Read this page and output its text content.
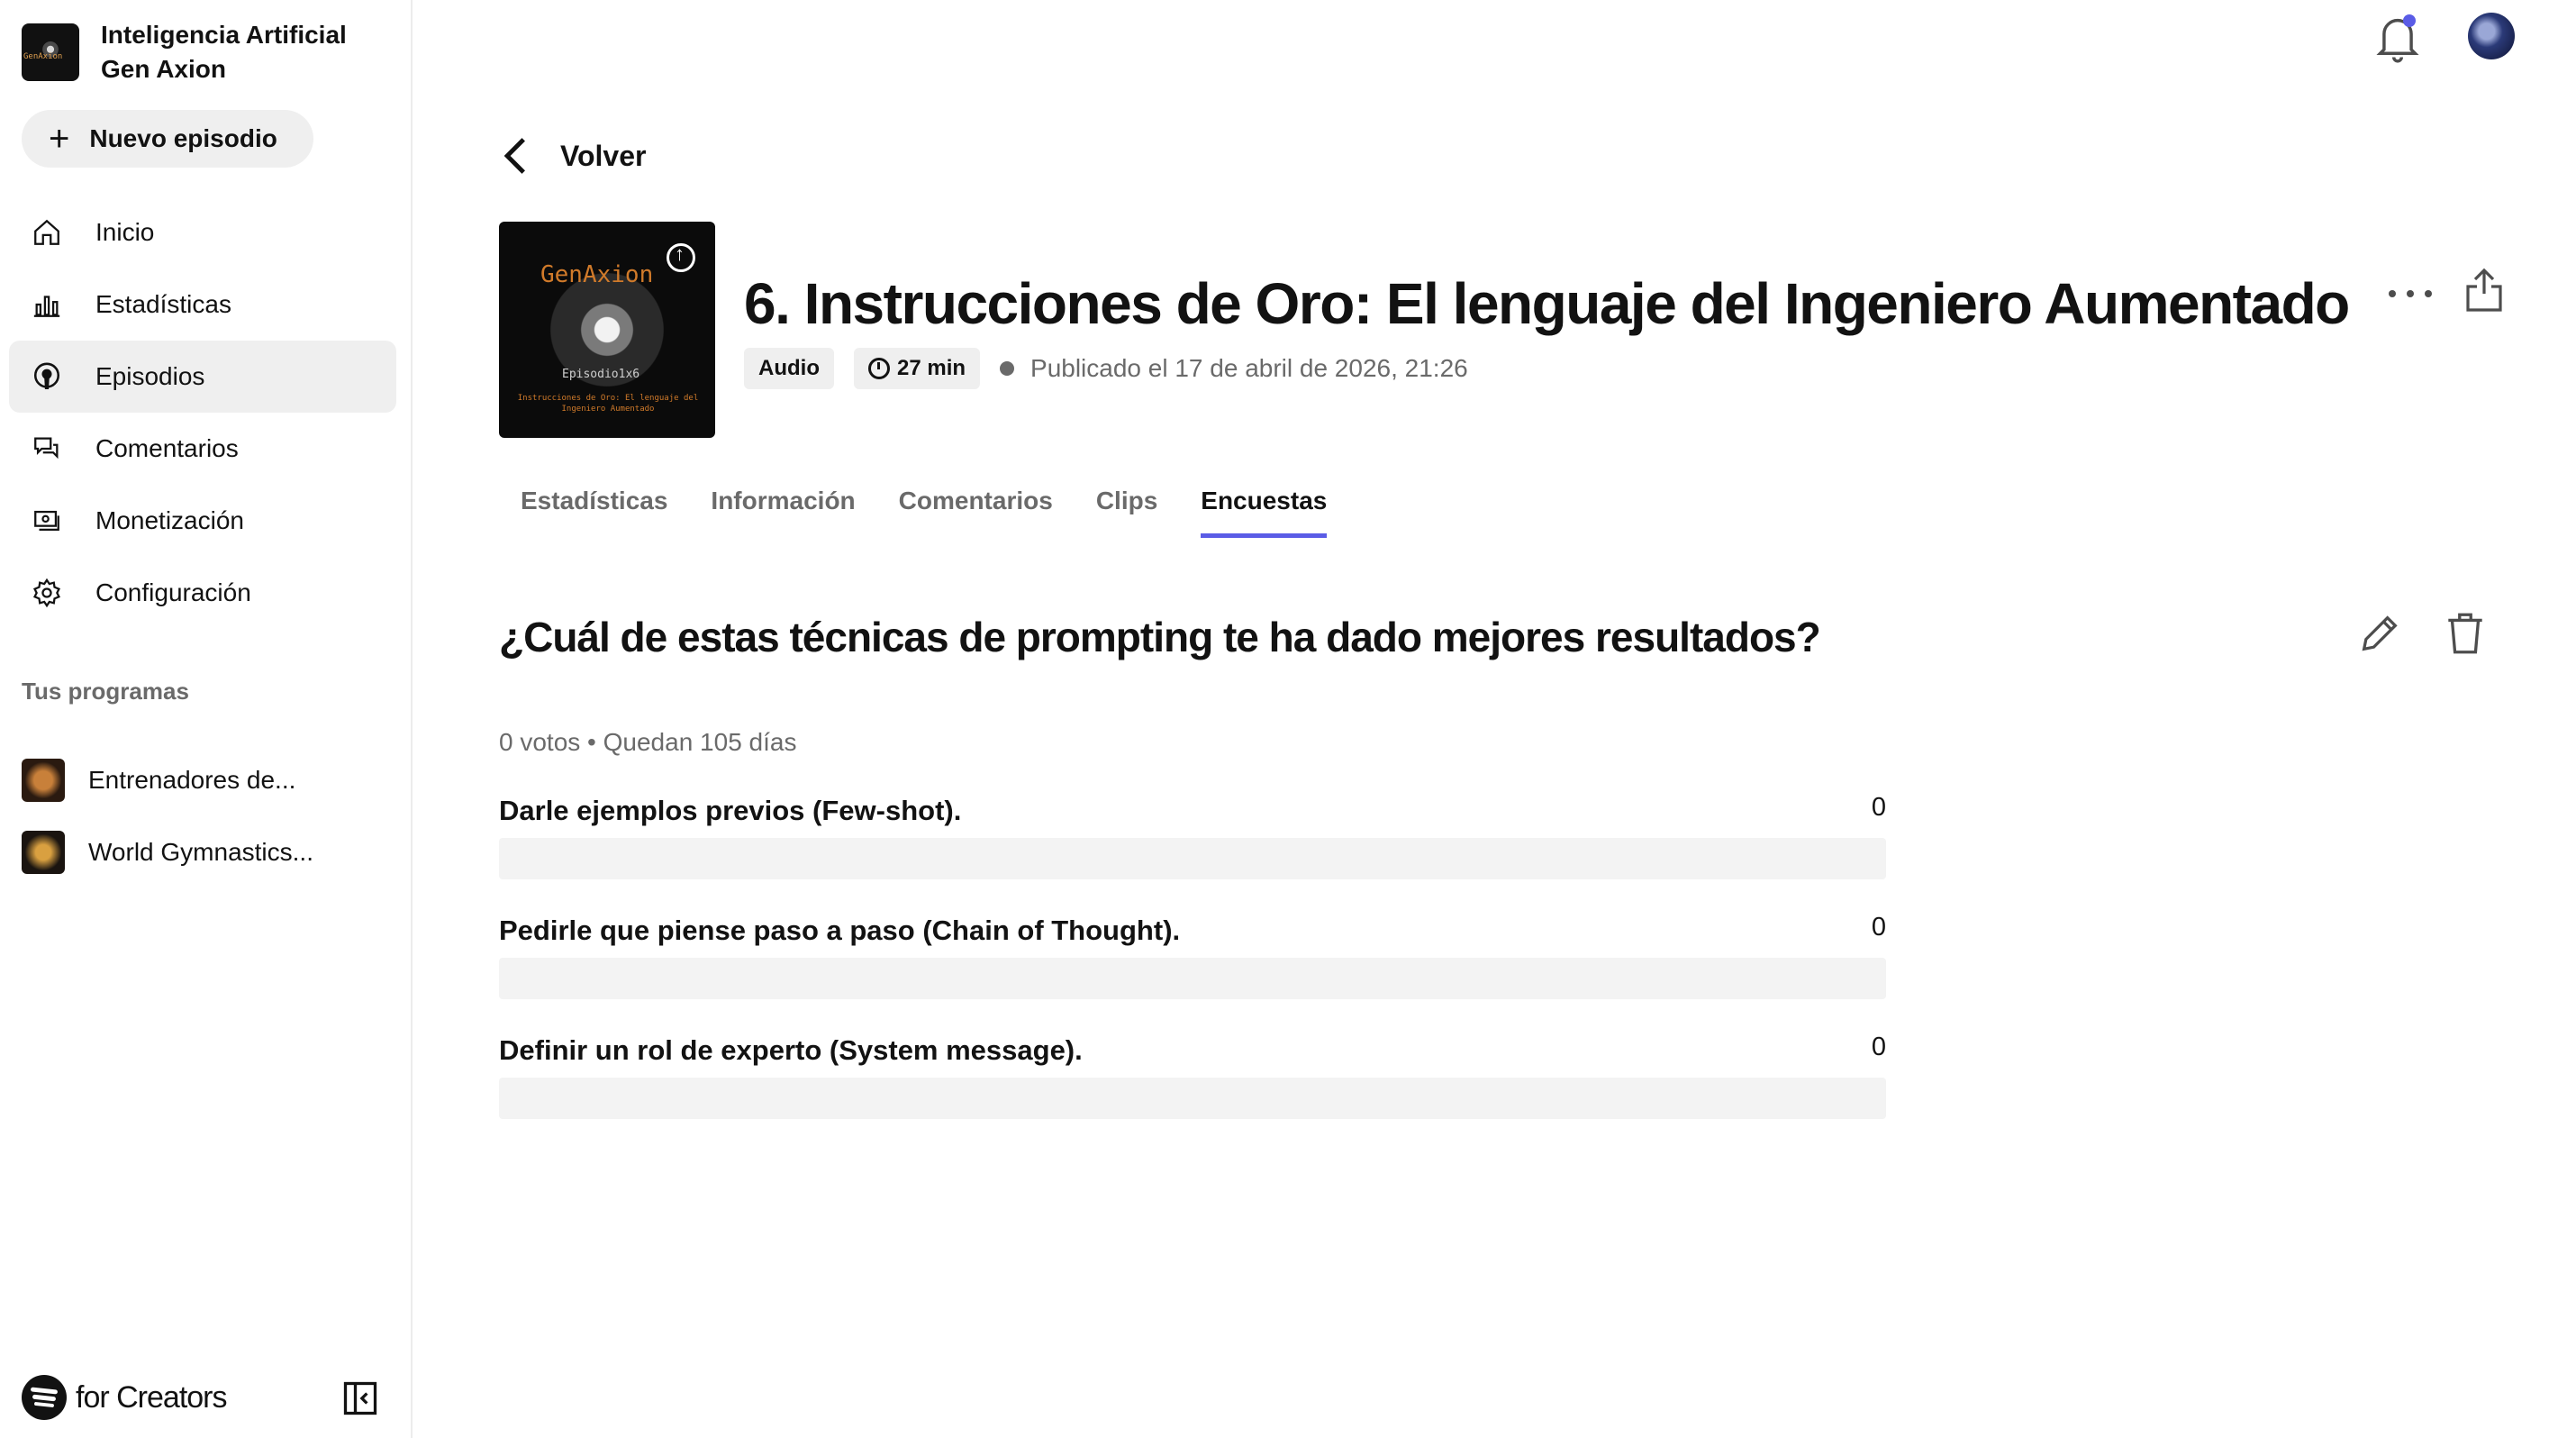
GenAxion
Inteligencia Artificial
Gen Axion
+ Nuevo episodio
Inicio
Estadísticas
Episodios
Comentarios
Monetización
Configuración
Tus programas
Entrenadores de...
World Gymnastics...
for Creators
Volver
GenAxion
Episodio1x6
Instrucciones de Oro: El lenguaje del Ingeniero Aumentado
↑
6. Instrucciones de Oro: El lenguaje del Ingeniero Aumentado
Audio	27 min	Publicado el 17 de abril de 2026, 21:26
Estadísticas Información Comentarios Clips Encuestas
¿Cuál de estas técnicas de prompting te ha dado mejores resultados?
0 votos • Quedan 105 días
Darle ejemplos previos (Few-shot).	0
Pedirle que piense paso a paso (Chain of Thought).	0
Definir un rol de experto (System message).	0
